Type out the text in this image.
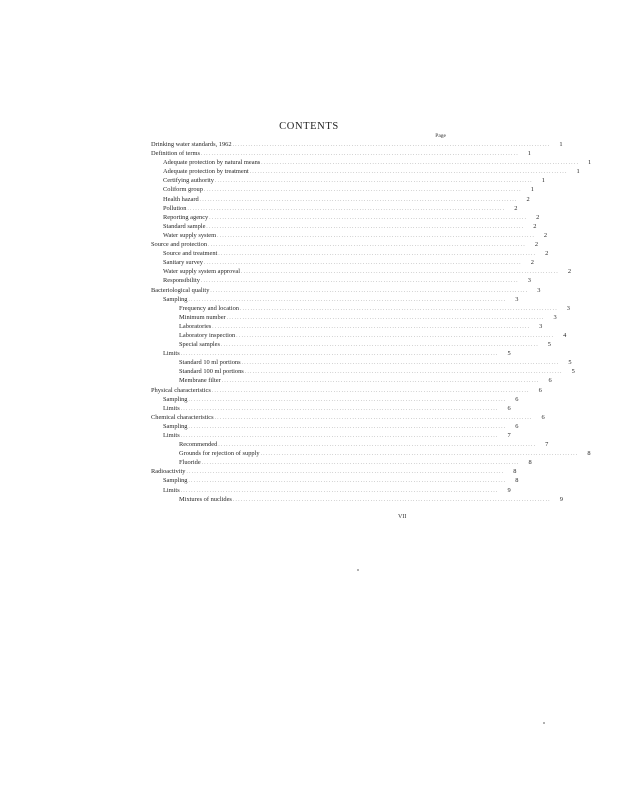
CONTENTS
Page
Drinking water standards, 1962 ........................................................................................................................	1
Definition of terms ........................................................................................................................	1
Adequate protection by natural means ........................................................................................................................	1
Adequate protection by treatment ........................................................................................................................	1
Certifying authority ........................................................................................................................	1
Coliform group ........................................................................................................................	1
Health hazard ........................................................................................................................	2
Pollution ........................................................................................................................	2
Reporting agency ........................................................................................................................	2
Standard sample ........................................................................................................................	2
Water supply system ........................................................................................................................	2
Source and protection ........................................................................................................................	2
Source and treatment ........................................................................................................................	2
Sanitary survey ........................................................................................................................	2
Water supply system approval ........................................................................................................................	2
Responsibility ........................................................................................................................	3
Bacteriological quality ........................................................................................................................	3
Sampling ........................................................................................................................	3
Frequency and location ........................................................................................................................	3
Minimum number ........................................................................................................................	3
Laboratories ........................................................................................................................	3
Laboratory inspection ........................................................................................................................	4
Special samples ........................................................................................................................	5
Limits ........................................................................................................................	5
Standard 10 ml portions ........................................................................................................................	5
Standard 100 ml portions ........................................................................................................................	5
Membrane filter ........................................................................................................................	6
Physical characteristics ........................................................................................................................	6
Sampling ........................................................................................................................	6
Limits ........................................................................................................................	6
Chemical characteristics ........................................................................................................................	6
Sampling ........................................................................................................................	6
Limits ........................................................................................................................	7
Recommended ........................................................................................................................	7
Grounds for rejection of supply ........................................................................................................................	8
Fluoride ........................................................................................................................	8
Radioactivity ........................................................................................................................	8
Sampling ........................................................................................................................	8
Limits ........................................................................................................................	9
Mixtures of nuclides ........................................................................................................................	9
VII
